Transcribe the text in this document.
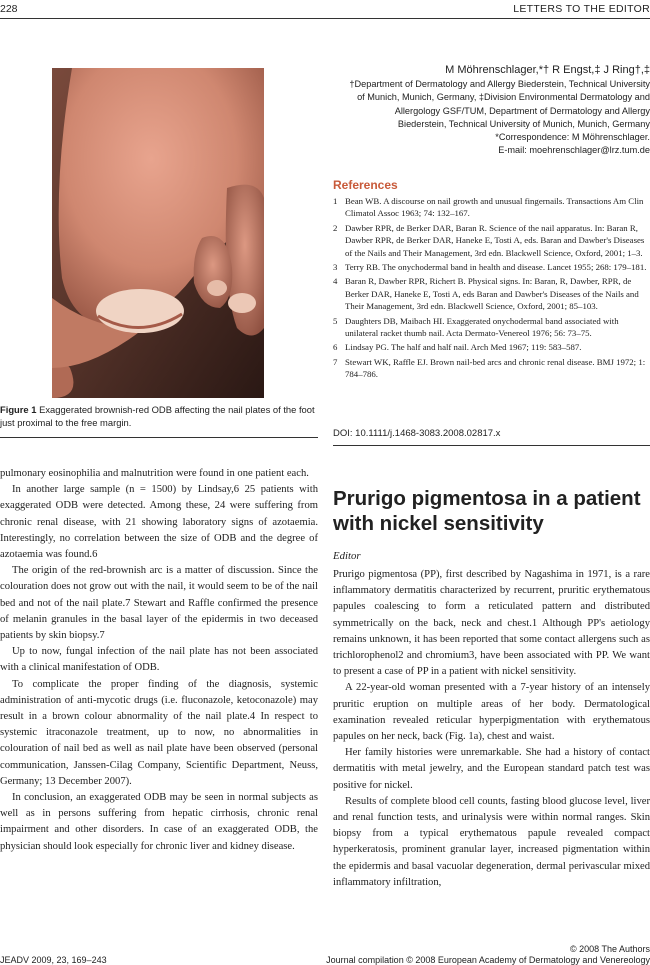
228	LETTERS TO THE EDITOR
Figure 1 Exaggerated brownish-red ODB affecting the nail plates of the foot just proximal to the free margin.
M Möhrenschlager,*† R Engst,‡ J Ring†,‡
†Department of Dermatology and Allergy Biederstein, Technical University
of Munich, Munich, Germany, ‡Division Environmental Dermatology and
Allergology GSF/TUM, Department of Dermatology and Allergy
Biederstein, Technical University of Munich, Munich, Germany
*Correspondence: M Möhrenschlager.
E-mail: moehrenschlager@lrz.tum.de
References
1 Bean WB. A discourse on nail growth and unusual fingernails. Transactions Am Clin Climatol Assoc 1963; 74: 132–167.
2 Dawber RPR, de Berker DAR, Baran R. Science of the nail apparatus. In: Baran R, Dawber RPR, de Berker DAR, Haneke E, Tosti A, eds. Baran and Dawber's Diseases of the Nails and Their Management, 3rd edn. Blackwell Science, Oxford, 2001; 1–3.
3 Terry RB. The onychodermal band in health and disease. Lancet 1955; 268: 179–181.
4 Baran R, Dawber RPR, Richert B. Physical signs. In: Baran, R, Dawber, RPR, de Berker DAR, Haneke E, Tosti A, eds Baran and Dawber's Diseases of the Nails and Their Management, 3rd edn. Blackwell Science, Oxford, 2001; 85–103.
5 Daughters DB, Maibach HI. Exaggerated onychodermal band associated with unilateral racket thumb nail. Acta Dermato-Venereol 1976; 56: 73–75.
6 Lindsay PG. The half and half nail. Arch Med 1967; 119: 583–587.
7 Stewart WK, Raffle EJ. Brown nail-bed arcs and chronic renal disease. BMJ 1972; 1: 784–786.
DOI: 10.1111/j.1468-3083.2008.02817.x

pulmonary eosinophilia and malnutrition were found in one patient each.

In another large sample (n = 1500) by Lindsay,6 25 patients with exaggerated ODB were detected. Among these, 24 were suffering from chronic renal disease, with 21 showing laboratory signs of azotaemia. Interestingly, no correlation between the size of ODB and the degree of azotaemia was found.6

The origin of the red-brownish arc is a matter of discussion. Since the colouration does not grow out with the nail, it would seem to be of the nail bed and not of the nail plate.7 Stewart and Raffle confirmed the presence of melanin granules in the basal layer of the epidermis in two deceased patients by skin biopsy.7

Up to now, fungal infection of the nail plate has not been associated with a clinical manifestation of ODB.

To complicate the proper finding of the diagnosis, systemic administration of anti-mycotic drugs (i.e. fluconazole, ketoconazole) may result in a brown colour abnormality of the nail plate.4 In respect to systemic itraconazole treatment, up to now, no abnormalities in colouration of nail bed as well as nail plate have been observed (personal communication, Janssen-Cilag Company, Scientific Department, Neuss, Germany; 13 December 2007).

In conclusion, an exaggerated ODB may be seen in normal subjects as well as in persons suffering from hepatic cirrhosis, chronic renal impairment and other disorders. In case of an exaggerated ODB, the physician should look especially for chronic liver and kidney disease.

Prurigo pigmentosa in a patient with nickel sensitivity
Editor

Prurigo pigmentosa (PP), first described by Nagashima in 1971, is a rare inflammatory dermatitis characterized by recurrent, pruritic erythematous papules coalescing to form a reticulated pattern and distributed symmetrically on the back, neck and chest.1 Although PP's aetiology remains unknown, it has been reported that some contact allergens such as trichlorophenol2 and chromium3, have been associated with PP. We want to present a case of PP in a patient with nickel sensitivity.

A 22-year-old woman presented with a 7-year history of an intensely pruritic eruption on multiple areas of her body. Dermatological examination revealed reticular hyperpigmentation with erythematous papules on her neck, back (Fig. 1a), chest and waist.

Her family histories were unremarkable. She had a history of contact dermatitis with metal jewelry, and the European standard patch test was positive for nickel.

Results of complete blood cell counts, fasting blood glucose level, liver and renal function tests, and urinalysis were within normal ranges. Skin biopsy from a typical erythematous papule revealed compact hyperkeratosis, prominent granular layer, increased pigmentation within the epidermis and basal vacuolar degeneration, dermal perivascular mixed inflammatory infiltration,

JEADV 2009, 23, 169–243
© 2008 The Authors
Journal compilation © 2008 European Academy of Dermatology and Venereology
